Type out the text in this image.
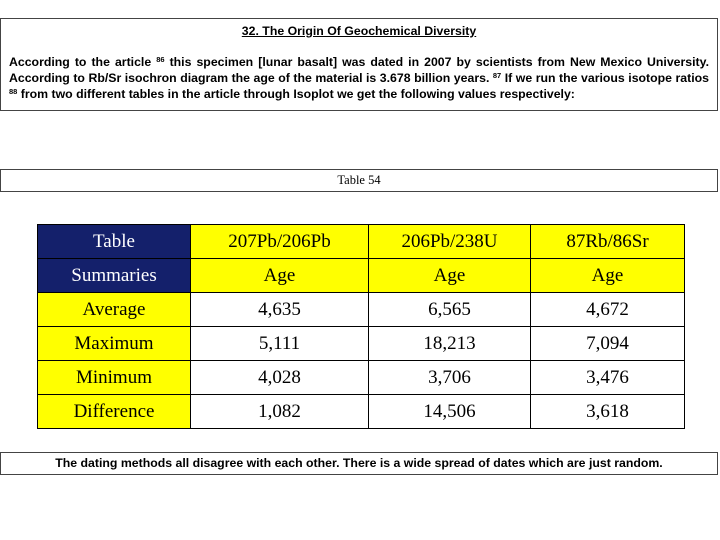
32. The Origin Of Geochemical Diversity
According to the article $^{86}$ this specimen [lunar basalt] was dated in 2007 by scientists from New Mexico University. According to Rb/Sr isochron diagram the age of the material is 3.678 billion years. $^{87}$ If we run the various isotope ratios $^{88}$ from two different tables in the article through Isoplot we get the following values respectively:
Table 54
Table	207Pb/206Pb	206Pb/238U	87Rb/86Sr
Summaries	Age	Age	Age
Average	4,635	6,565	4,672
Maximum	5,111	18,213	7,094
Minimum	4,028	3,706	3,476
Difference	1,082	14,506	3,618
The dating methods all disagree with each other. There is a wide spread of dates which are just random.
